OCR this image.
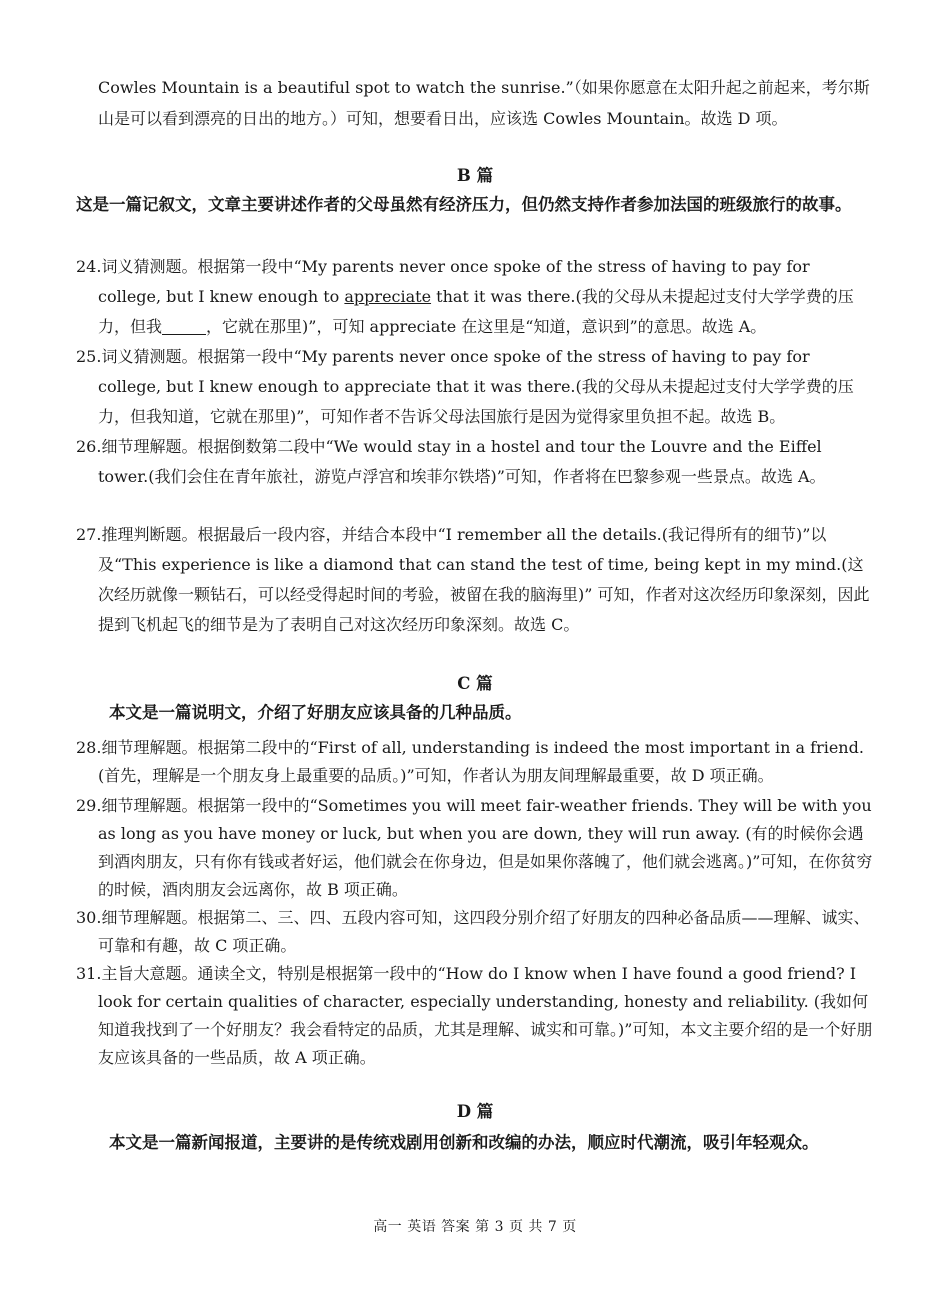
Cowles Mountain is a beautiful spot to watch the sunrise.”（如果你愿意在太阳升起之前起来，考尔斯山是可以看到漂亮的日出的地方。）可知，想要看日出，应该选 Cowles Mountain。故选 D 项。
B 篇
这是一篇记叙文，文章主要讲述作者的父母虽然有经济压力，但仍然支持作者参加法国的班级旅行的故事。
24.词义猜测题。根据第一段中“My parents never once spoke of the stress of having to pay for college, but I knew enough to appreciate that it was there.(我的父母从未提起过支付大学学费的压力，但我	，它就在那里)”，可知 appreciate 在这里是“知道，意识到”的意思。故选 A。
25.词义猜测题。根据第一段中“My parents never once spoke of the stress of having to pay for college, but I knew enough to appreciate that it was there.(我的父母从未提起过支付大学学费的压力，但我知道，它就在那里)”，可知作者不告诉父母法国旅行是因为觉得家里负担不起。故选 B。
26.细节理解题。根据倒数第二段中“We would stay in a hostel and tour the Louvre and the Eiffel tower.(我们会住在青年旅社，游览卢浮宫和埃菲尔铁塔)”可知，作者将在巴黎参观一些景点。故选 A。
27.推理判断题。根据最后一段内容，并结合本段中“I remember all the details.(我记得所有的细节)”以及“This experience is like a diamond that can stand the test of time, being kept in my mind.(这次经历就像一颗钻石，可以经受得起时间的考验，被留在我的脑海里)” 可知，作者对这次经历印象深刻，因此提到飞机起飞的细节是为了表明自己对这次经历印象深刻。故选 C。
C 篇
本文是一篇说明文，介绍了好朋友应该具备的几种品质。
28.细节理解题。根据第二段中的“First of all, understanding is indeed the most important in a friend. (首先，理解是一个朋友身上最重要的品质。)”可知，作者认为朋友间理解最重要，故 D 项正确。
29.细节理解题。根据第一段中的“Sometimes you will meet fair-weather friends. They will be with you as long as you have money or luck, but when you are down, they will run away. (有的时候你会遇到酒肉朋友，只有你有钱或者好运，他们就会在你身边，但是如果你落魄了，他们就会逃离。)”可知，在你贫穷的时候，酒肉朋友会远离你，故 B 项正确。
30.细节理解题。根据第二、三、四、五段内容可知，这四段分别介绍了好朋友的四种必备品质——理解、诚实、可靠和有趣，故 C 项正确。
31.主旨大意题。通读全文，特别是根据第一段中的“How do I know when I have found a good friend? I look for certain qualities of character, especially understanding, honesty and reliability. (我如何知道我找到了一个好朋友？我会看特定的品质，尤其是理解、诚实和可靠。)”可知，本文主要介绍的是一个好朋友应该具备的一些品质，故 A 项正确。
D 篇
本文是一篇新闻报道，主要讲的是传统戏剧用创新和改编的办法，顺应时代潮流，吸引年轻观众。
高一 英语 答案 第 3 页 共 7 页
